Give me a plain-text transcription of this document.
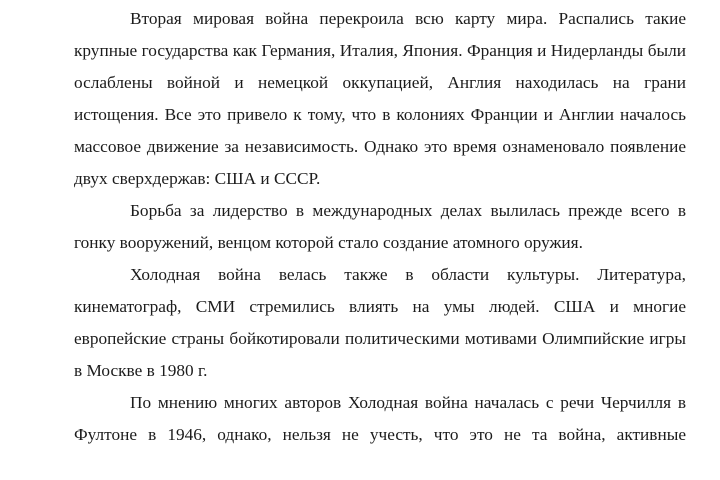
Вторая мировая война перекроила всю карту мира. Распались такие крупные государства как Германия, Италия, Япония. Франция и Нидерланды были ослаблены войной и немецкой оккупацией, Англия находилась на грани истощения. Все это привело к тому, что в колониях Франции и Англии началось массовое движение за независимость. Однако это время ознаменовало появление двух сверхдержав: США и СССР.

Борьба за лидерство в международных делах вылилась прежде всего в гонку вооружений, венцом которой стало создание атомного оружия.

Холодная война велась также в области культуры. Литература, кинематограф, СМИ стремились влиять на умы людей. США и многие европейские страны бойкотировали политическими мотивами Олимпийские игры в Москве в 1980 г.

По мнению многих авторов Холодная война началась с речи Черчилля в Фултоне в 1946, однако, нельзя не учесть, что это не та война, активные
